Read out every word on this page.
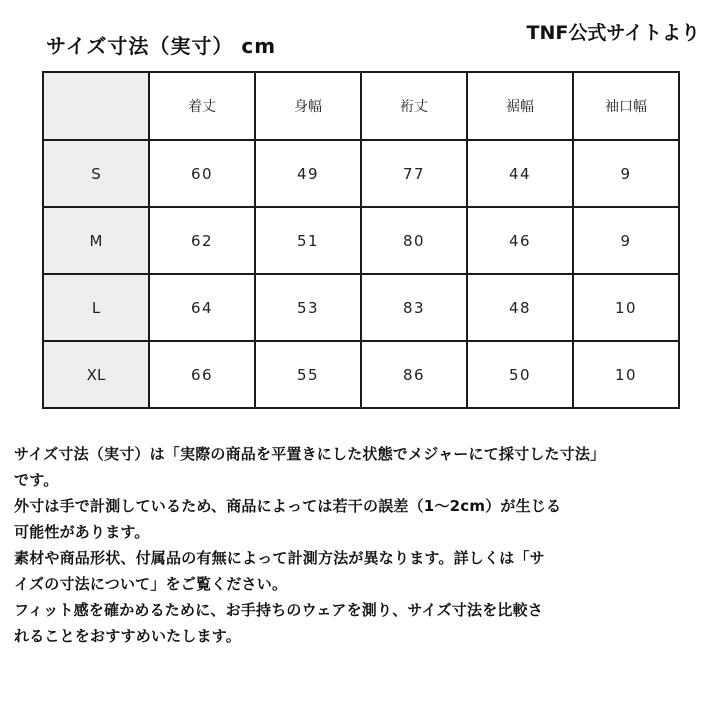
サイズ寸法（実寸） cm
TNF公式サイトより
	着丈	身幅	裄丈	裾幅	袖口幅
S	60	49	77	44	9
M	62	51	80	46	9
L	64	53	83	48	10
XL	66	55	86	50	10

サイズ寸法（実寸）は「実際の商品を平置きにした状態でメジャーにて採寸した寸法」

です。

外寸は手で計測しているため、商品によっては若干の誤差（1〜2cm）が生じる

可能性があります。

素材や商品形状、付属品の有無によって計測方法が異なります。詳しくは「サ

イズの寸法について」をご覧ください。

フィット感を確かめるために、お手持ちのウェアを測り、サイズ寸法を比較さ

れることをおすすめいたします。
